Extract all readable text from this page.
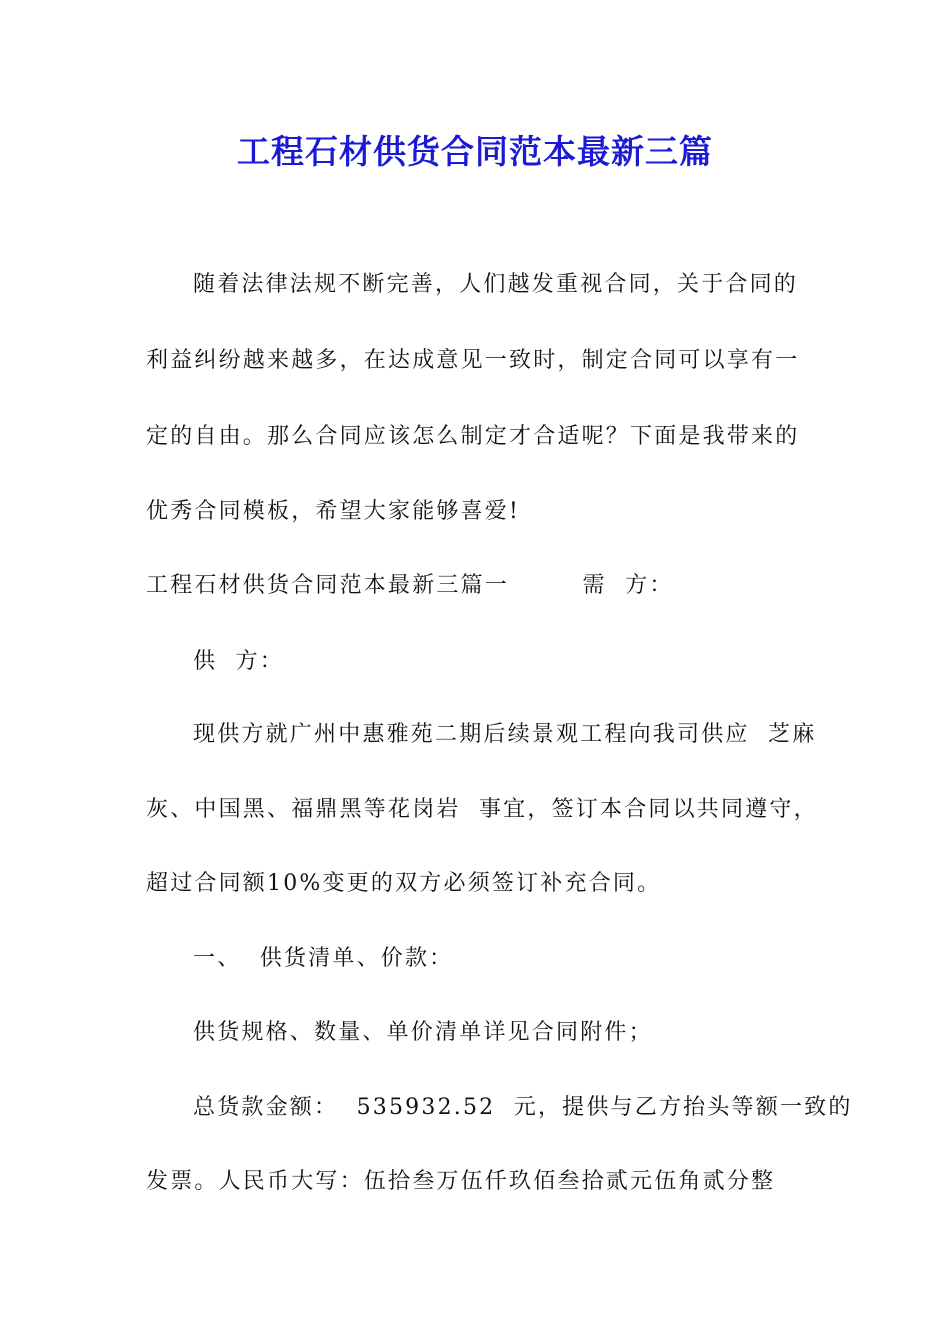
工程石材供货合同范本最新三篇
随着法律法规不断完善，人们越发重视合同，关于合同的
利益纠纷越来越多，在达成意见一致时，制定合同可以享有一
定的自由。那么合同应该怎么制定才合适呢？下面是我带来的
优秀合同模板，希望大家能够喜爱!
工程石材供货合同范本最新三篇一        需  方：
供  方：
现供方就广州中惠雅苑二期后续景观工程向我司供应  芝麻
灰、中国黑、福鼎黑等花岗岩  事宜，签订本合同以共同遵守，
超过合同额10%变更的双方必须签订补充合同。
一、  供货清单、价款：
供货规格、数量、单价清单详见合同附件；
总货款金额：  535932.52  元，提供与乙方抬头等额一致的
发票。人民币大写：伍拾叁万伍仟玖佰叁拾贰元伍角贰分整
